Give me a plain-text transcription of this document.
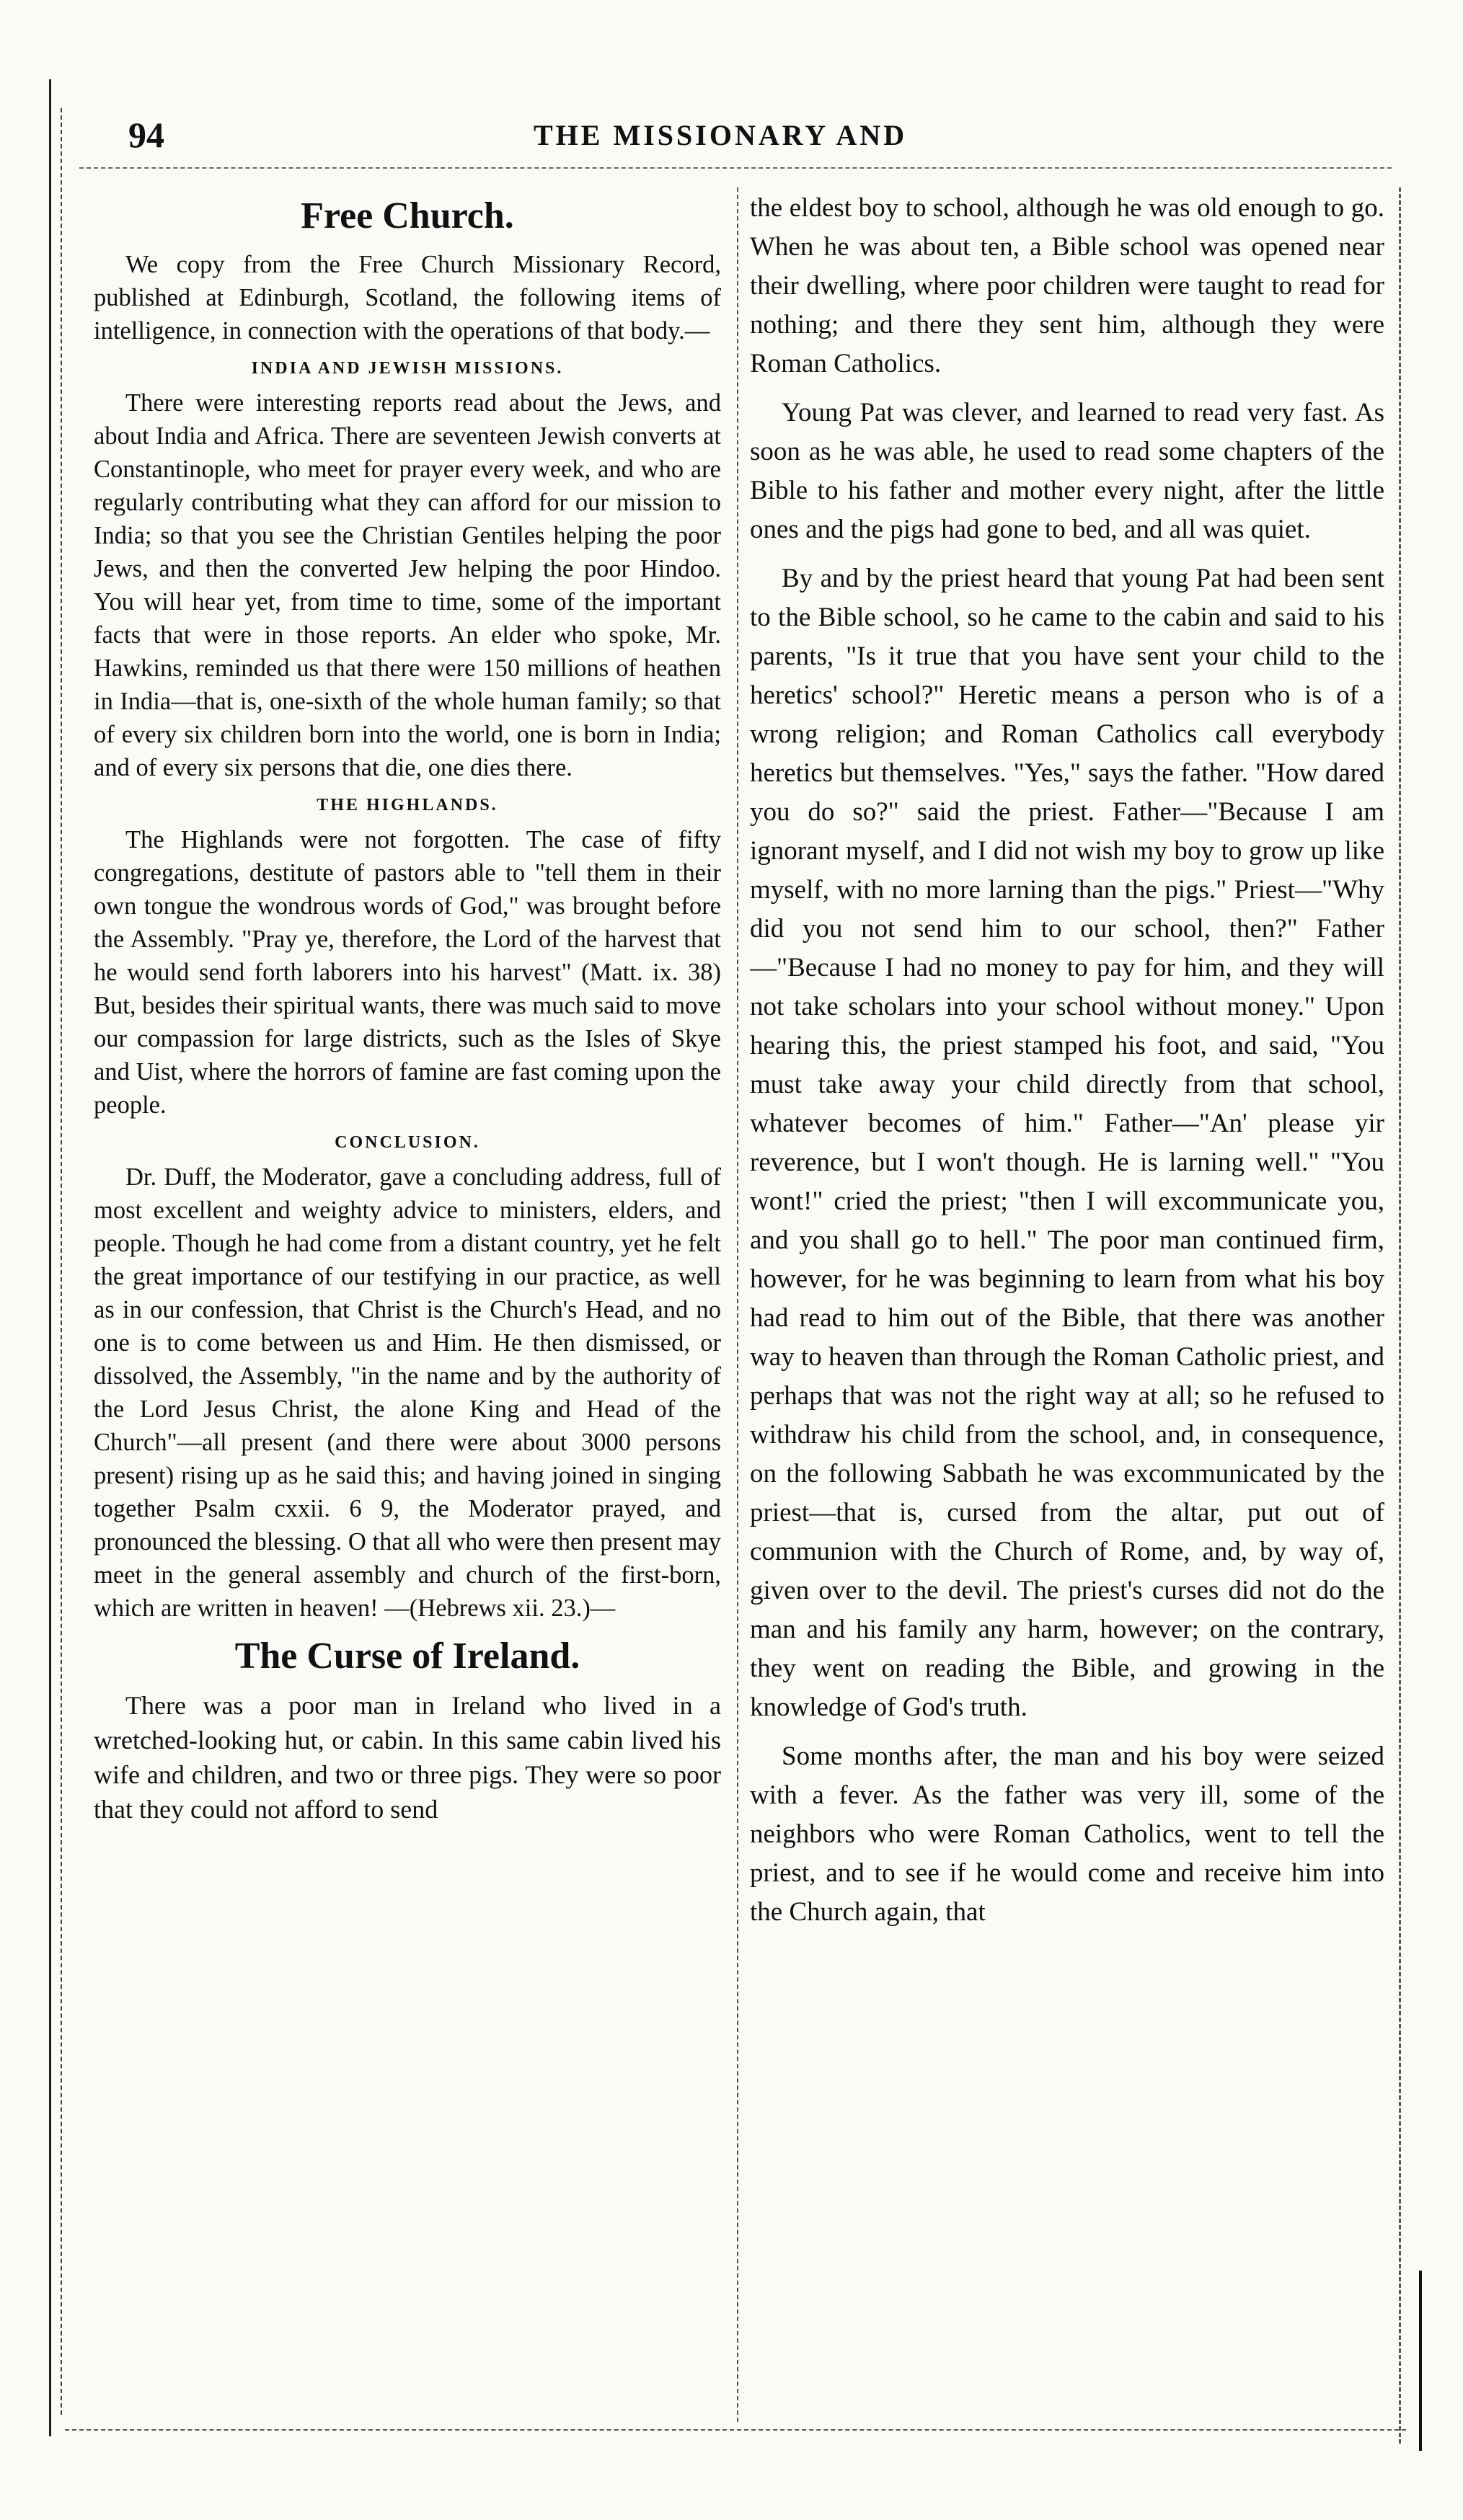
94	THE MISSIONARY AND
Free Church.

We copy from the Free Church Missionary Record, published at Edinburgh, Scotland, the following items of intelligence, in connection with the operations of that body.—

INDIA AND JEWISH MISSIONS.

There were interesting reports read about the Jews, and about India and Africa. There are seventeen Jewish converts at Constantinople, who meet for prayer every week, and who are regularly contributing what they can afford for our mission to India; so that you see the Christian Gentiles helping the poor Jews, and then the converted Jew helping the poor Hindoo. You will hear yet, from time to time, some of the important facts that were in those reports. An elder who spoke, Mr. Hawkins, reminded us that there were 150 millions of heathen in India—that is, one-sixth of the whole human family; so that of every six children born into the world, one is born in India; and of every six persons that die, one dies there.

THE HIGHLANDS.

The Highlands were not forgotten. The case of fifty congregations, destitute of pastors able to "tell them in their own tongue the wondrous words of God," was brought before the Assembly. "Pray ye, therefore, the Lord of the harvest that he would send forth laborers into his harvest" (Matt. ix. 38) But, besides their spiritual wants, there was much said to move our compassion for large districts, such as the Isles of Skye and Uist, where the horrors of famine are fast coming upon the people.

CONCLUSION.

Dr. Duff, the Moderator, gave a concluding address, full of most excellent and weighty advice to ministers, elders, and people. Though he had come from a distant country, yet he felt the great importance of our testifying in our practice, as well as in our confession, that Christ is the Church's Head, and no one is to come between us and Him. He then dismissed, or dissolved, the Assembly, "in the name and by the authority of the Lord Jesus Christ, the alone King and Head of the Church"—all present (and there were about 3000 persons present) rising up as he said this; and having joined in singing together Psalm cxxii. 6 9, the Moderator prayed, and pronounced the blessing. O that all who were then present may meet in the general assembly and church of the first-born, which are written in heaven! —(Hebrews xii. 23.)—

The Curse of Ireland.

There was a poor man in Ireland who lived in a wretched-looking hut, or cabin. In this same cabin lived his wife and children, and two or three pigs. They were so poor that they could not afford to send

the eldest boy to school, although he was old enough to go. When he was about ten, a Bible school was opened near their dwelling, where poor children were taught to read for nothing; and there they sent him, although they were Roman Catholics.

Young Pat was clever, and learned to read very fast. As soon as he was able, he used to read some chapters of the Bible to his father and mother every night, after the little ones and the pigs had gone to bed, and all was quiet.

By and by the priest heard that young Pat had been sent to the Bible school, so he came to the cabin and said to his parents, "Is it true that you have sent your child to the heretics' school?" Heretic means a person who is of a wrong religion; and Roman Catholics call everybody heretics but themselves. "Yes," says the father. "How dared you do so?" said the priest. Father—"Because I am ignorant myself, and I did not wish my boy to grow up like myself, with no more larning than the pigs." Priest—"Why did you not send him to our school, then?" Father—"Because I had no money to pay for him, and they will not take scholars into your school without money." Upon hearing this, the priest stamped his foot, and said, "You must take away your child directly from that school, whatever becomes of him." Father—"An' please yir reverence, but I won't though. He is larning well." "You wont!" cried the priest; "then I will excommunicate you, and you shall go to hell." The poor man continued firm, however, for he was beginning to learn from what his boy had read to him out of the Bible, that there was another way to heaven than through the Roman Catholic priest, and perhaps that was not the right way at all; so he refused to withdraw his child from the school, and, in consequence, on the following Sabbath he was excommunicated by the priest—that is, cursed from the altar, put out of communion with the Church of Rome, and, by way of, given over to the devil. The priest's curses did not do the man and his family any harm, however; on the contrary, they went on reading the Bible, and growing in the knowledge of God's truth.

Some months after, the man and his boy were seized with a fever. As the father was very ill, some of the neighbors who were Roman Catholics, went to tell the priest, and to see if he would come and receive him into the Church again, that
